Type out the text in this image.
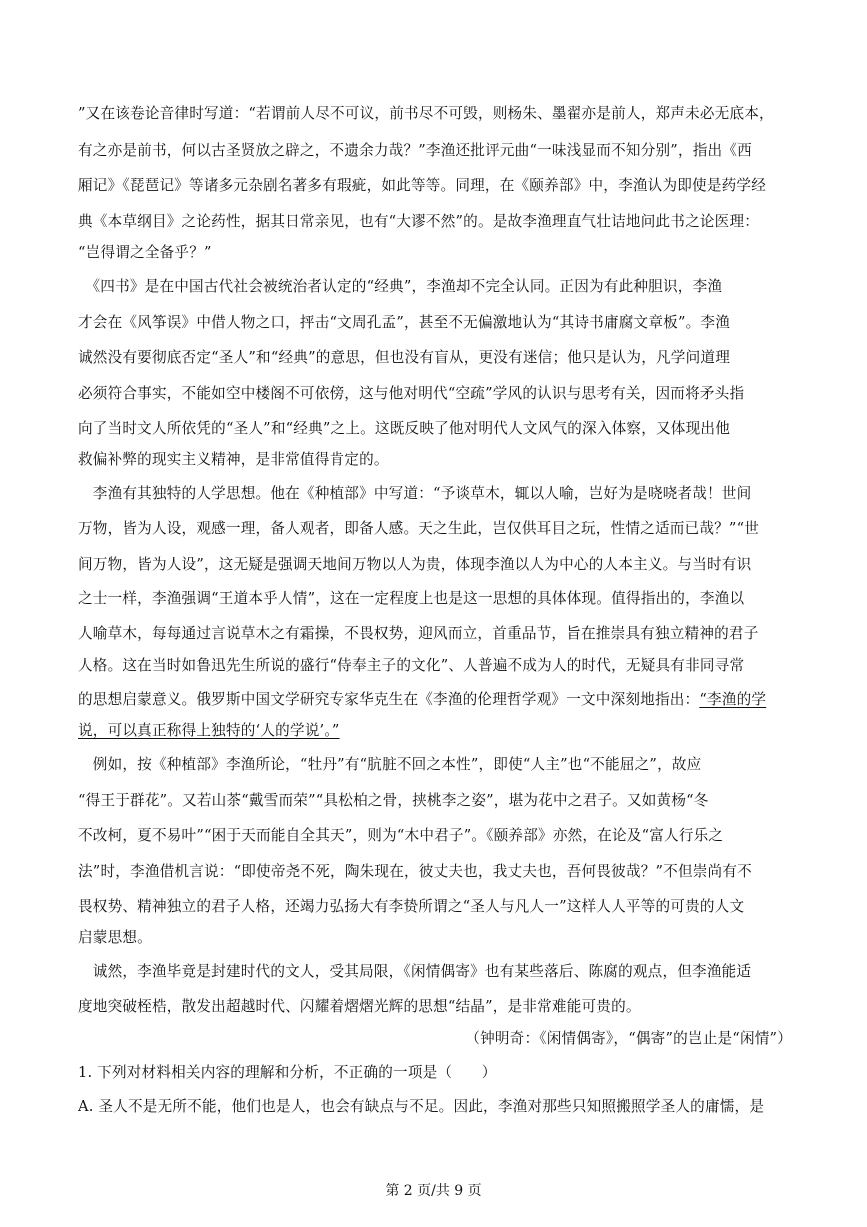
”又在该卷论音律时写道：“若谓前人尽不可议，前书尽不可毁，则杨朱、墨翟亦是前人，郑声未必无底本，
有之亦是前书，何以古圣贤放之辟之，不遗余力哉？”李渔还批评元曲“一味浅显而不知分别”，指出《西
厢记》《琵琶记》等诸多元杂剧名著多有瑕疵，如此等等。同理，在《颐养部》中，李渔认为即使是药学经
典《本草纲目》之论药性，据其日常亲见，也有“大谬不然”的。是故李渔理直气壮诘地问此书之论医理：
“岂得谓之全备乎？”
　《四书》是在中国古代社会被统治者认定的“经典”，李渔却不完全认同。正因为有此种胆识，李渔
才会在《风筝误》中借人物之口，抨击“文周孔孟”，甚至不无偏激地认为“其诗书庸腐文章板”。李渔
诚然没有要彻底否定“圣人”和“经典”的意思，但也没有盲从，更没有迷信；他只是认为，凡学问道理
必须符合事实，不能如空中楼阁不可依傍，这与他对明代“空疏”学风的认识与思考有关，因而将矛头指
向了当时文人所依凭的“圣人”和“经典”之上。这既反映了他对明代人文风气的深入体察，又体现出他
救偏补弊的现实主义精神，是非常值得肯定的。
　李渔有其独特的人学思想。他在《种植部》中写道：“予谈草木，辄以人喻，岂好为是哓哓者哉！世间
万物，皆为人设，观感一理，备人观者，即备人感。天之生此，岂仅供耳目之玩，性情之适而已哉？”“世
间万物，皆为人设”，这无疑是强调天地间万物以人为贵，体现李渔以人为中心的人本主义。与当时有识
之士一样，李渔强调“王道本乎人情”，这在一定程度上也是这一思想的具体体现。值得指出的，李渔以
人喻草木，每每通过言说草木之有霜操，不畏权势，迎风而立，首重品节，旨在推崇具有独立精神的君子
人格。这在当时如鲁迅先生所说的盛行“侍奉主子的文化”、人普遍不成为人的时代，无疑具有非同寻常
的思想启蒙意义。俄罗斯中国文学研究专家华克生在《李渔的伦理哲学观》一文中深刻地指出：“李渔的学
说，可以真正称得上独特的‘人的学说’。”
　例如，按《种植部》李渔所论，“牡丹”有“肮脏不回之本性”，即使“人主”也“不能屈之”，故应
“得王于群花”。又若山茶“戴雪而荣”“具松柏之骨，挟桃李之姿”，堪为花中之君子。又如黄杨“冬
不改柯，夏不易叶”“困于天而能自全其天”，则为“木中君子”。《颐养部》亦然，在论及“富人行乐之
法”时，李渔借机言说：“即使帝尧不死，陶朱现在，彼丈夫也，我丈夫也，吾何畏彼哉？”不但崇尚有不
畏权势、精神独立的君子人格，还竭力弘扬大有李贽所谓之“圣人与凡人一”这样人人平等的可贵的人文
启蒙思想。
　诚然，李渔毕竟是封建时代的文人，受其局限，《闲情偶寄》也有某些落后、陈腐的观点，但李渔能适
度地突破桎梏，散发出超越时代、闪耀着熠熠光辉的思想“结晶”，是非常难能可贵的。
（钟明奇：《闲情偶寄》，“偶寄”的岂止是“闲情”）
1. 下列对材料相关内容的理解和分析，不正确的一项是（　　）
A. 圣人不是无所不能，他们也是人，也会有缺点与不足。因此，李渔对那些只知照搬照学圣人的庸懦，是
第 2 页/共 9 页
